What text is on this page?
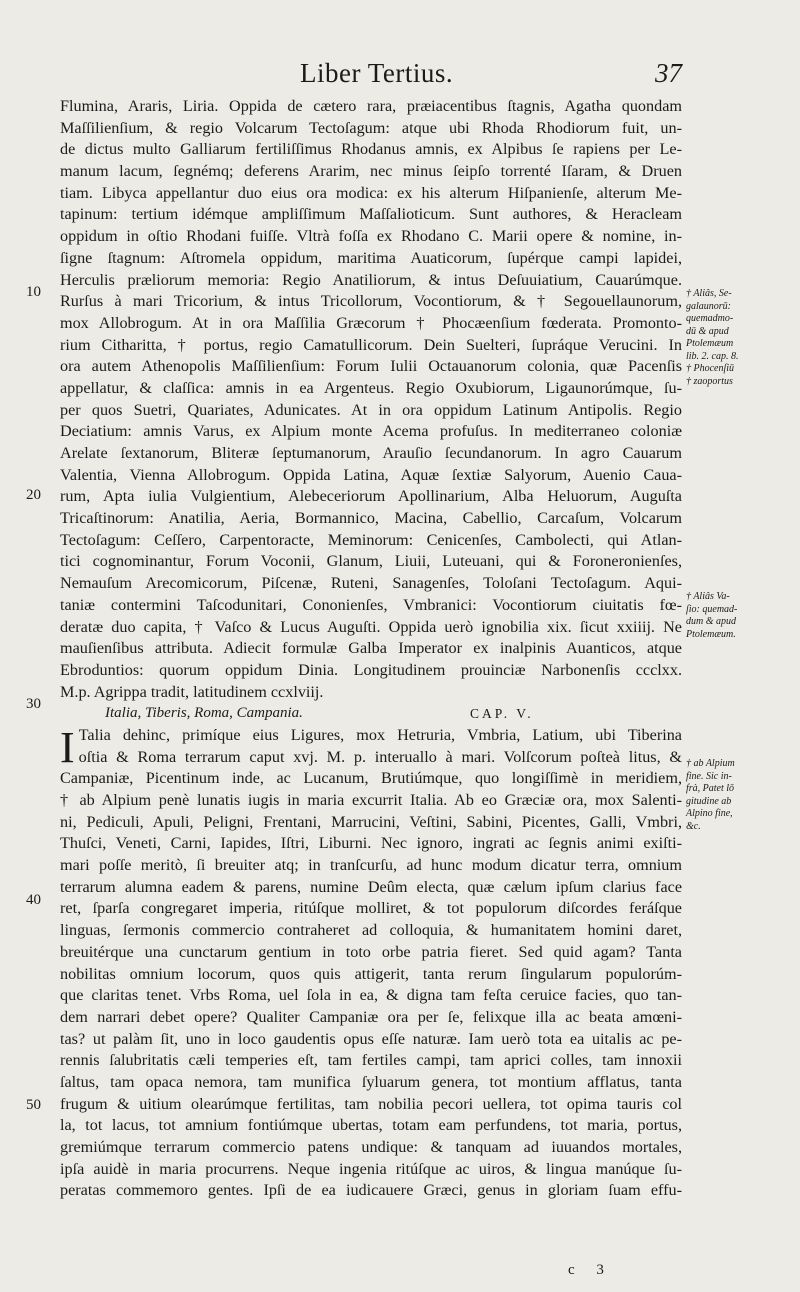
Liber Tertius.	37
10
20
30
40
50
Flumina, Araris, Liria. Oppida de cætero rara, præiacentibus ſtagnis, Agatha quondam
Maſſilienſium, & regio Volcarum Tectoſagum: atque ubi Rhoda Rhodiorum fuit, un-
de dictus multo Galliarum fertiliſſimus Rhodanus amnis, ex Alpibus ſe rapiens per Le-
manum lacum, ſegnémq; deferens Ararim, nec minus ſeipſo torrenté Iſaram, & Druen
tiam. Libyca appellantur duo eius ora modica: ex his alterum Hiſpanienſe, alterum Me-
tapinum: tertium idémque ampliſſimum Maſſalioticum. Sunt authores, & Heracleam
oppidum in oſtio Rhodani fuiſſe. Vltrà foſſa ex Rhodano C. Marii opere & nomine, in-
ſigne ſtagnum: Aſtromela oppidum, maritima Auaticorum, ſupérque campi lapidei,
Herculis præliorum memoria: Regio Anatiliorum, & intus Deſuuiatium, Cauarúmque.
Rurſus à mari Tricorium, & intus Tricollorum, Vocontiorum, & † Segouellaunorum,
mox Allobrogum. At in ora Maſſilia Græcorum † Phocæenſium fœderata. Promonto-
rium Citharitta, † portus, regio Camatullicorum. Dein Suelteri, ſupráque Verucini. In
ora autem Athenopolis Maſſilienſium: Forum Iulii Octauanorum colonia, quæ Pacenſis
appellatur, & claſſica: amnis in ea Argenteus. Regio Oxubiorum, Ligaunorúmque, ſu-
per quos Suetri, Quariates, Adunicates. At in ora oppidum Latinum Antipolis. Regio
Deciatium: amnis Varus, ex Alpium monte Acema profuſus. In mediterraneo coloniæ
Arelate ſextanorum, Bliteræ ſeptumanorum, Arauſio ſecundanorum. In agro Cauarum
Valentia, Vienna Allobrogum. Oppida Latina, Aquæ ſextiæ Salyorum, Auenio Caua-
rum, Apta iulia Vulgientium, Alebeceriorum Apollinarium, Alba Heluorum, Auguſta
Tricaſtinorum: Anatilia, Aeria, Bormannico, Macina, Cabellio, Carcaſum, Volcarum
Tectoſagum: Ceſſero, Carpentoracte, Meminorum: Cenicenſes, Cambolecti, qui Atlan-
tici cognominantur, Forum Voconii, Glanum, Liuii, Luteuani, qui & Foroneronienſes,
Nemauſum Arecomicorum, Piſcenæ, Ruteni, Sanagenſes, Toloſani Tectoſagum. Aqui-
taniæ contermini Taſcodunitari, Cononienſes, Vmbranici: Vocontiorum ciuitatis fœ-
deratæ duo capita, † Vaſco & Lucus Auguſti. Oppida uerò ignobilia xix. ſicut xxiiij. Ne
mauſienſibus attributa. Adiecit formulæ Galba Imperator ex inalpinis Auanticos, atque
Ebroduntios: quorum oppidum Dinia. Longitudinem prouinciæ Narbonenſis ccclxx.
M.p. Agrippa tradit, latitudinem ccxlviij.
Italia, Tiberis, Roma, Campania.	CAP. V.
I Talia dehinc, primíque eius Ligures, mox Hetruria, Vmbria, Latium, ubi Tiberina
oſtia & Roma terrarum caput xvj. M. p. interuallo à mari. Volſcorum poſteà litus, &
Campaniæ, Picentinum inde, ac Lucanum, Brutiúmque, quo longiſſimè in meridiem,
† ab Alpium penè lunatis iugis in maria excurrit Italia. Ab eo Græciæ ora, mox Salenti-
ni, Pediculi, Apuli, Peligni, Frentani, Marrucini, Veſtini, Sabini, Picentes, Galli, Vmbri,
Thuſci, Veneti, Carni, Iapides, Iſtri, Liburni. Nec ignoro, ingrati ac ſegnis animi exiſti-
mari poſſe meritò, ſi breuiter atq; in tranſcurſu, ad hunc modum dicatur terra, omnium
terrarum alumna eadem & parens, numine Deûm electa, quæ cælum ipſum clarius face
ret, ſparſa congregaret imperia, ritúſque molliret, & tot populorum diſcordes feráſque
linguas, ſermonis commercio contraheret ad colloquia, & humanitatem homini daret,
breuitérque una cunctarum gentium in toto orbe patria fieret. Sed quid agam? Tanta
nobilitas omnium locorum, quos quis attigerit, tanta rerum ſingularum populorúm-
que claritas tenet. Vrbs Roma, uel ſola in ea, & digna tam feſta ceruice facies, quo tan-
dem narrari debet opere? Qualiter Campaniæ ora per ſe, felixque illa ac beata amœni-
tas? ut palàm ſit, uno in loco gaudentis opus eſſe naturæ. Iam uerò tota ea uitalis ac pe-
rennis ſalubritatis cæli temperies eſt, tam fertiles campi, tam aprici colles, tam innoxii
ſaltus, tam opaca nemora, tam munifica ſyluarum genera, tot montium afflatus, tanta
frugum & uitium olearúmque fertilitas, tam nobilia pecori uellera, tot opima tauris col
la, tot lacus, tot amnium fontiúmque ubertas, totam eam perfundens, tot maria, portus,
gremiúmque terrarum commercio patens undique: & tanquam ad iuuandos mortales,
ipſa auidè in maria procurrens. Neque ingenia ritúſque ac uiros, & lingua manúque ſu-
peratas commemoro gentes. Ipſi de ea iudicauere Græci, genus in gloriam ſuam effu-
† Aliâs, Se-
galaunorū:
quemadmo-
dū & apud
Ptolemæum
lib. 2. cap. 8.
† Phocenſiū
† zaoportus
† Aliâs Va-
ſio: quemad-
dum & apud
Ptolemæum.
† ab Alpium
fine. Sic in-
frà, Patet lō
gitudine ab
Alpino fine,
&c.
c 3
